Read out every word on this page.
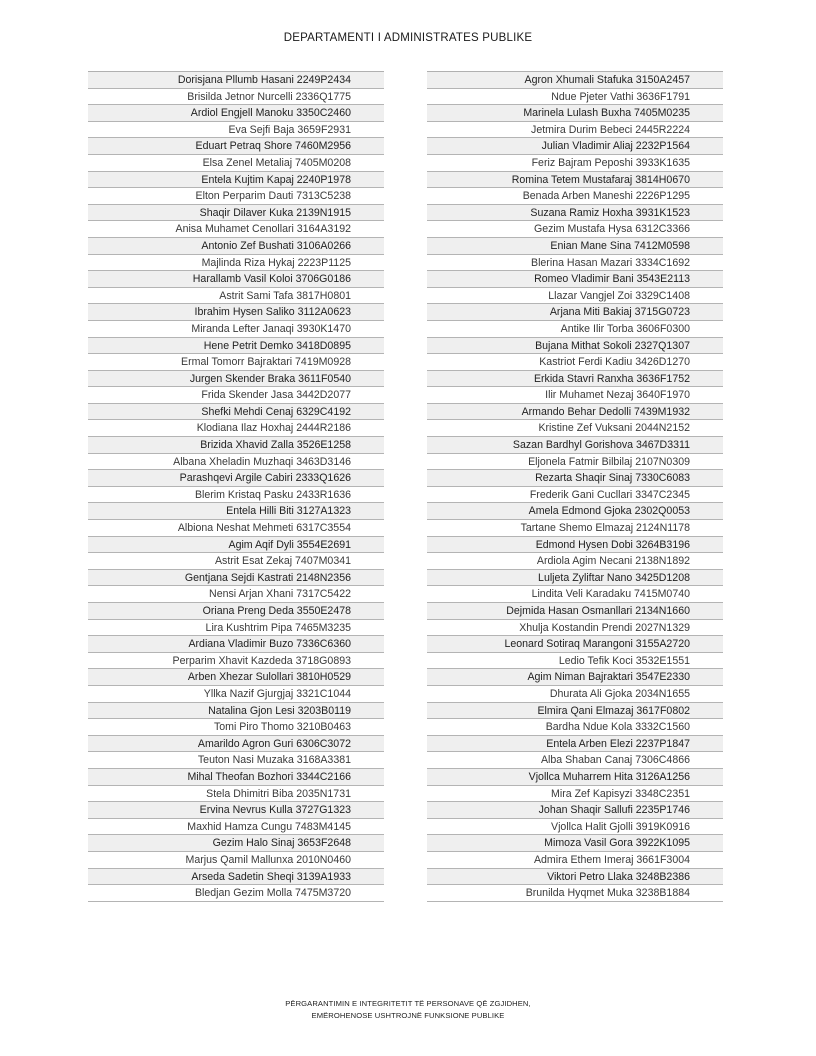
DEPARTAMENTI I ADMINISTRATES PUBLIKE
Dorisjana Pllumb Hasani 2249P2434
Brisilda Jetnor Nurcelli 2336Q1775
Ardiol Engjell Manoku 3350C2460
Eva Sejfi Baja 3659F2931
Eduart Petraq Shore 7460M2956
Elsa Zenel Metaliaj 7405M0208
Entela Kujtim Kapaj 2240P1978
Elton Perparim Dauti 7313C5238
Shaqir Dilaver Kuka 2139N1915
Anisa Muhamet Cenollari 3164A3192
Antonio Zef Bushati 3106A0266
Majlinda Riza Hykaj 2223P1125
Harallamb Vasil Koloi 3706G0186
Astrit Sami Tafa 3817H0801
Ibrahim Hysen Saliko 3112A0623
Miranda Lefter Janaqi 3930K1470
Hene Petrit Demko 3418D0895
Ermal Tomorr Bajraktari 7419M0928
Jurgen Skender Braka 3611F0540
Frida Skender Jasa 3442D2077
Shefki Mehdi Cenaj 6329C4192
Klodiana Ilaz Hoxhaj 2444R2186
Brizida Xhavid Zalla 3526E1258
Albana Xheladin Muzhaqi 3463D3146
Parashqevi Argile Cabiri 2333Q1626
Blerim Kristaq Pasku 2433R1636
Entela Hilli Biti 3127A1323
Albiona Neshat Mehmeti 6317C3554
Agim Aqif Dyli 3554E2691
Astrit Esat Zekaj 7407M0341
Gentjana Sejdi Kastrati 2148N2356
Nensi Arjan Xhani 7317C5422
Oriana Preng Deda 3550E2478
Lira Kushtrim Pipa 7465M3235
Ardiana Vladimir Buzo 7336C6360
Perparim Xhavit Kazdeda 3718G0893
Arben Xhezar Sulollari 3810H0529
Yllka Nazif Gjurgjaj 3321C1044
Natalina Gjon Lesi 3203B0119
Tomi Piro Thomo 3210B0463
Amarildo Agron Guri 6306C3072
Teuton Nasi Muzaka 3168A3381
Mihal Theofan Bozhori 3344C2166
Stela Dhimitri Biba 2035N1731
Ervina Nevrus Kulla 3727G1323
Maxhid Hamza Cungu 7483M4145
Gezim Halo Sinaj 3653F2648
Marjus Qamil Mallunxa 2010N0460
Arseda Sadetin Sheqi 3139A1933
Bledjan Gezim Molla 7475M3720
Agron Xhumali Stafuka 3150A2457
Ndue Pjeter Vathi 3636F1791
Marinela Lulash Buxha 7405M0235
Jetmira Durim Bebeci 2445R2224
Julian Vladimir Aliaj 2232P1564
Feriz Bajram Peposhi 3933K1635
Romina Tetem Mustafaraj 3814H0670
Benada Arben Maneshi 2226P1295
Suzana Ramiz Hoxha 3931K1523
Gezim Mustafa Hysa 6312C3366
Enian Mane Sina 7412M0598
Blerina Hasan Mazari 3334C1692
Romeo Vladimir Bani 3543E2113
Llazar Vangjel Zoi 3329C1408
Arjana Miti Bakiaj 3715G0723
Antike Ilir Torba 3606F0300
Bujana Mithat Sokoli 2327Q1307
Kastriot Ferdi Kadiu 3426D1270
Erkida Stavri Ranxha 3636F1752
Ilir Muhamet Nezaj 3640F1970
Armando Behar Dedolli 7439M1932
Kristine Zef Vuksani 2044N2152
Sazan Bardhyl Gorishova 3467D3311
Eljonela Fatmir Bilbilaj 2107N0309
Rezarta Shaqir Sinaj 7330C6083
Frederik Gani Cucllari 3347C2345
Amela Edmond Gjoka 2302Q0053
Tartane Shemo Elmazaj 2124N1178
Edmond Hysen Dobi 3264B3196
Ardiola Agim Necani 2138N1892
Luljeta Zyliftar Nano 3425D1208
Lindita Veli Karadaku 7415M0740
Dejmida Hasan Osmanllari 2134N1660
Xhulja Kostandin Prendi 2027N1329
Leonard Sotiraq Marangoni 3155A2720
Ledio Tefik Koci 3532E1551
Agim Niman Bajraktari 3547E2330
Dhurata Ali Gjoka 2034N1655
Elmira Qani Elmazaj 3617F0802
Bardha Ndue Kola 3332C1560
Entela Arben Elezi 2237P1847
Alba Shaban Canaj 7306C4866
Vjollca Muharrem Hita 3126A1256
Mira Zef Kapisyzi 3348C2351
Johan Shaqir Sallufi 2235P1746
Vjollca Halit Gjolli 3919K0916
Mimoza Vasil Gora 3922K1095
Admira Ethem Imeraj 3661F3004
Viktori Petro Llaka 3248B2386
Brunilda Hyqmet Muka 3238B1884
PËRGARANTIMIN E INTEGRITETIT TË PERSONAVE QË ZGJIDHEN,
EMËROHENOSE USHTROJNË FUNKSIONE PUBLIKE
